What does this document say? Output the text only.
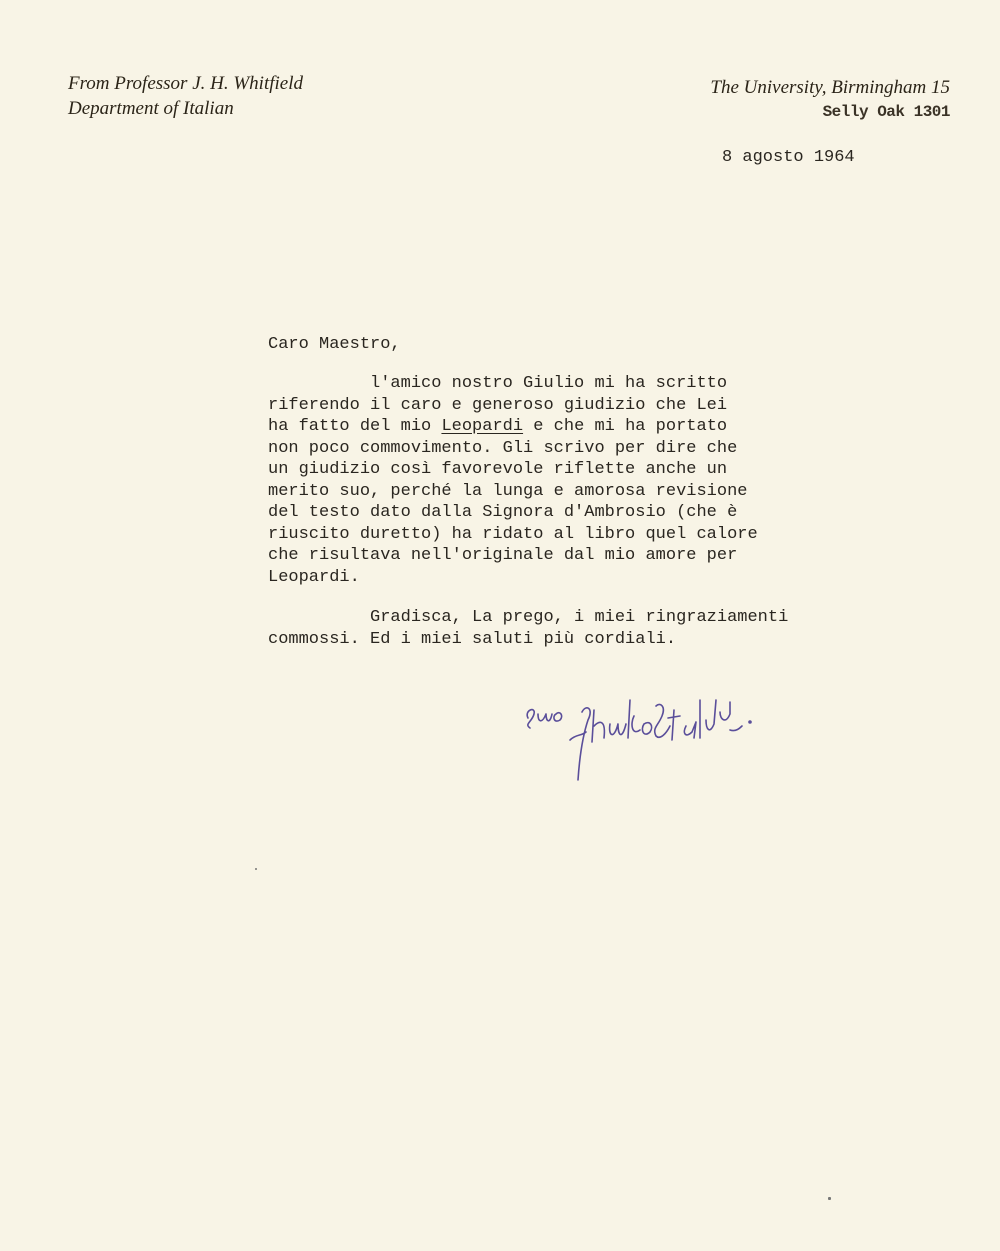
From Professor J. H. Whitfield
Department of Italian
The University, Birmingham 15
Selly Oak 1301
8 agosto 1964
Caro Maestro,
l'amico nostro Giulio mi ha scritto
riferendo il caro e generoso giudizio che Lei
ha fatto del mio Leopardi e che mi ha portato
non poco commovimento. Gli scrivo per dire che
un giudizio così favorevole riflette anche un
merito suo, perché la lunga e amorosa revisione
del testo dato dalla Signora d'Ambrosio (che è
riuscito duretto) ha ridato al libro quel calore
che risultava nell'originale dal mio amore per
Leopardi.
Gradisca, La prego, i miei ringraziamenti
commossi. Ed i miei saluti più cordiali.
